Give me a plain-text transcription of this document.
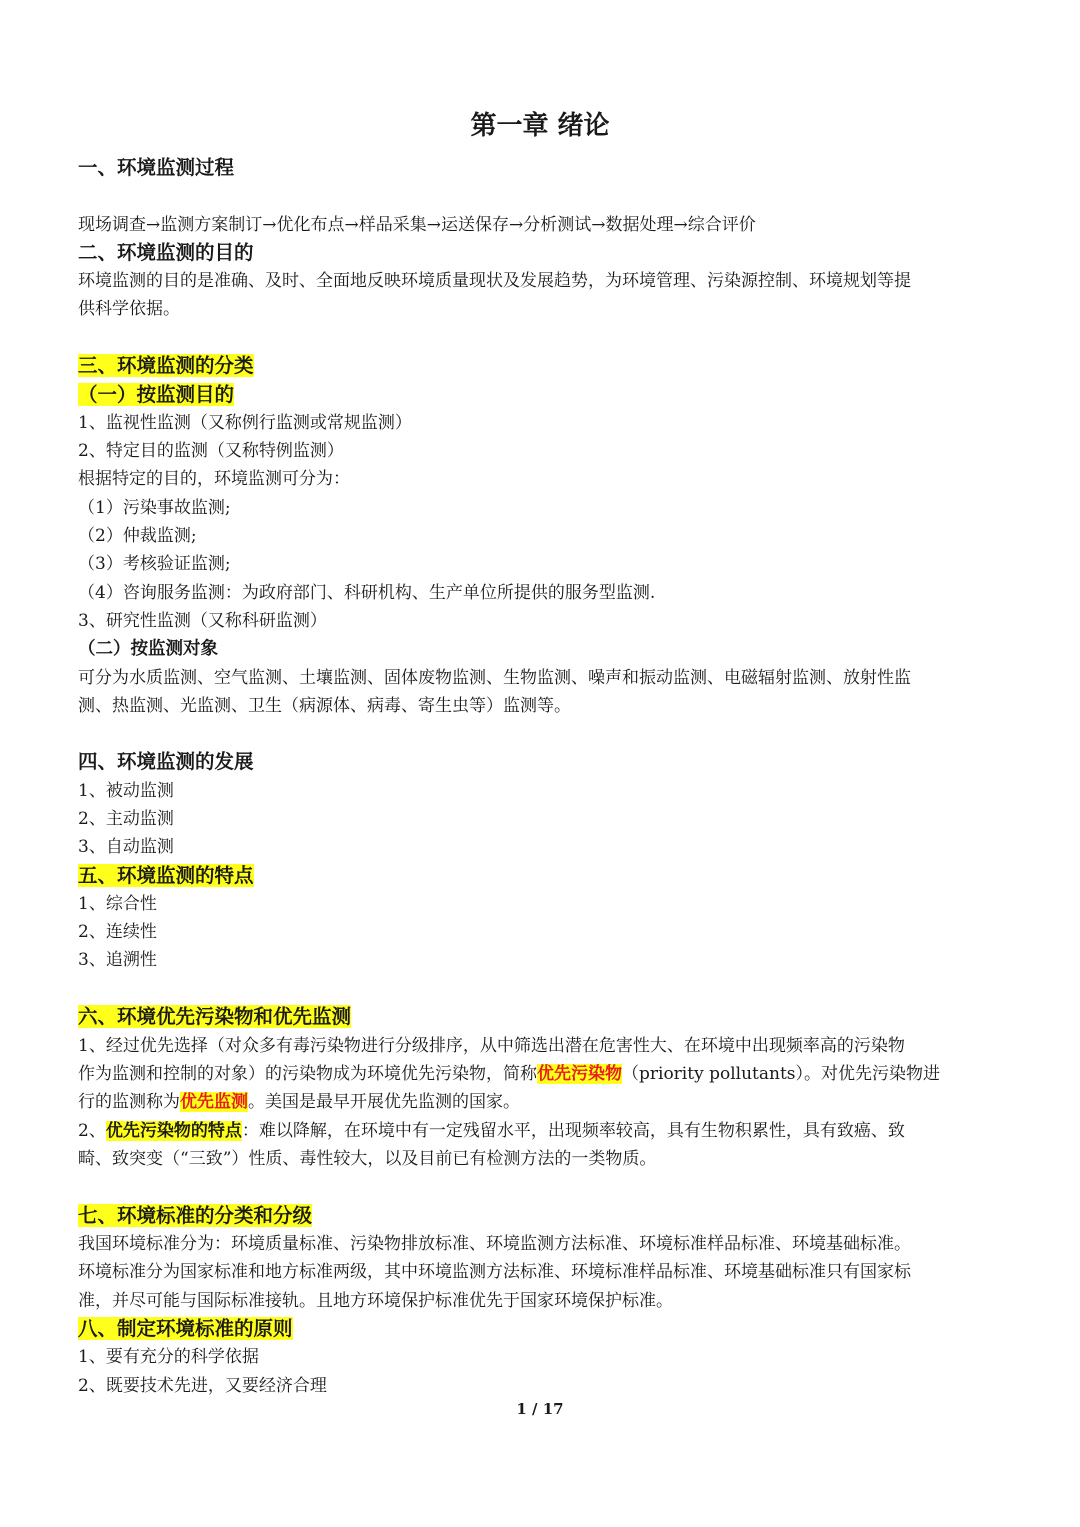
第一章 绪论
一、环境监测过程
现场调查→监测方案制订→优化布点→样品采集→运送保存→分析测试→数据处理→综合评价
二、环境监测的目的
环境监测的目的是准确、及时、全面地反映环境质量现状及发展趋势，为环境管理、污染源控制、环境规划等提
供科学依据。
三、环境监测的分类
（一）按监测目的
1、监视性监测（又称例行监测或常规监测）
2、特定目的监测（又称特例监测）
根据特定的目的，环境监测可分为：
（1）污染事故监测;
（2）仲裁监测;
（3）考核验证监测;
（4）咨询服务监测：为政府部门、科研机构、生产单位所提供的服务型监测.
3、研究性监测（又称科研监测）
（二）按监测对象
可分为水质监测、空气监测、土壤监测、固体废物监测、生物监测、噪声和振动监测、电磁辐射监测、放射性监
测、热监测、光监测、卫生（病源体、病毒、寄生虫等）监测等。
四、环境监测的发展
1、被动监测
2、主动监测
3、自动监测
五、环境监测的特点
1、综合性
2、连续性
3、追溯性
六、环境优先污染物和优先监测
1、经过优先选择（对众多有毒污染物进行分级排序，从中筛选出潜在危害性大、在环境中出现频率高的污染物
作为监测和控制的对象）的污染物成为环境优先污染物，简称优先污染物（priority pollutants）。对优先污染物进
行的监测称为优先监测。美国是最早开展优先监测的国家。
2、优先污染物的特点：难以降解，在环境中有一定残留水平，出现频率较高，具有生物积累性，具有致癌、致
畸、致突变（“三致”）性质、毒性较大，以及目前已有检测方法的一类物质。
七、环境标准的分类和分级
我国环境标准分为：环境质量标准、污染物排放标准、环境监测方法标准、环境标准样品标准、环境基础标准。
环境标准分为国家标准和地方标准两级，其中环境监测方法标准、环境标准样品标准、环境基础标准只有国家标
准，并尽可能与国际标准接轨。且地方环境保护标准优先于国家环境保护标准。
八、制定环境标准的原则
1、要有充分的科学依据
2、既要技术先进，又要经济合理
1 / 17
